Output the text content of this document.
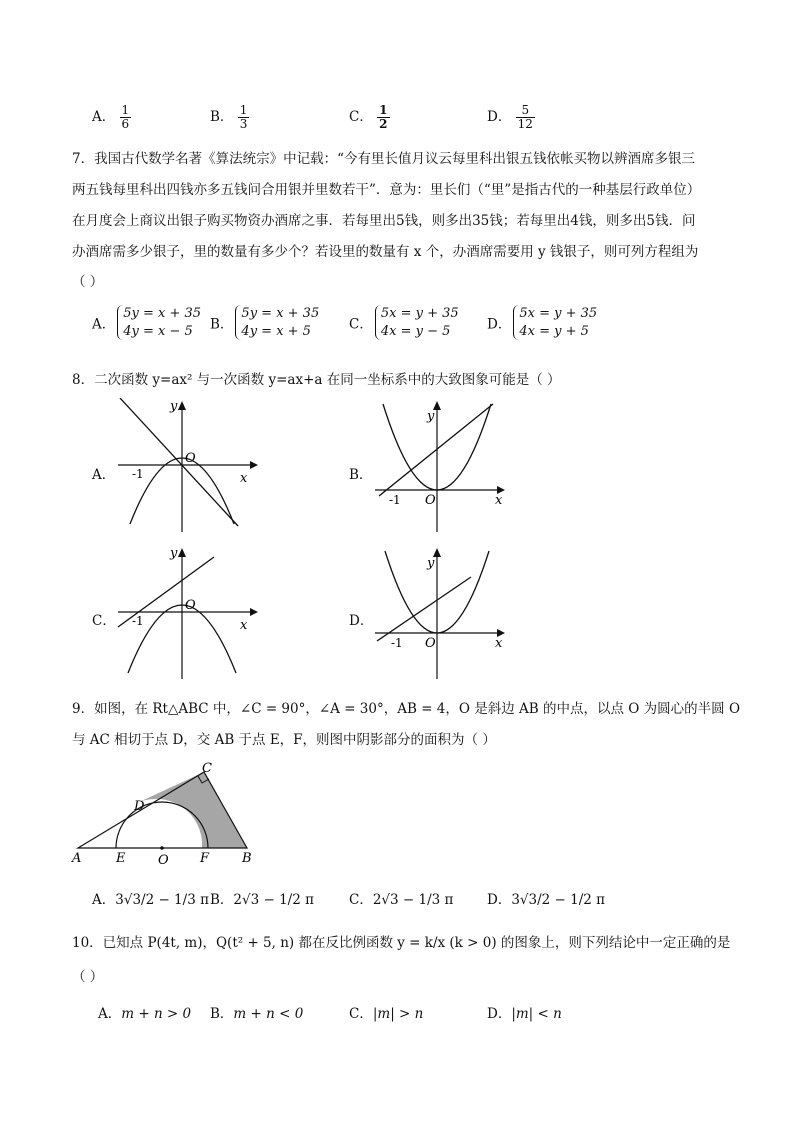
A． $\frac{1}{6}$	B． $\frac{1}{3}$	C． $\frac{1}{2}$	D． $\frac{5}{12}$
7．我国古代数学名著《算法统宗》中记载：“今有里长值月议云每里科出银五钱依帐买物以辨酒席多银三
两五钱每里科出四钱亦多五钱问合用银并里数若干”．意为：里长们（“里”是指古代的一种基层行政单位）
在月度会上商议出银子购买物资办酒席之事．若每里出5钱，则多出35钱；若每里出4钱，则多出5钱．问
办酒席需多少银子，里的数量有多少个？若设里的数量有 x 个，办酒席需要用 y 钱银子，则可列方程组为
（ ）
A．5y = x + 35
4y = x − 5	B．5y = x + 35
4y = x + 5	C．5x = y + 35
4x = y − 5	D．5x = y + 35
4x = y + 5
8．二次函数 y=ax² 与一次函数 y=ax+a 在同一坐标系中的大致图象可能是（ ）
A．	B．
C．	D．
y
x
O
-1
y
x
O
-1
y
x
O
-1
y
x
O
-1
9．如图，在 Rt△ABC 中，∠C = 90°，∠A = 30°，AB = 4，O 是斜边 AB 的中点，以点 O 为圆心的半圆 O
与 AC 相切于点 D，交 AB 于点 E，F，则图中阴影部分的面积为（ ）
A	B
C
D
E	O F
A．3√3/2 − 1/3 π B．2√3 − 1/2 π	C．2√3 − 1/3 π D．3√3/2 − 1/2 π
10．已知点 P(4t, m)，Q(t² + 5, n) 都在反比例函数 y = k/x (k > 0) 的图象上，则下列结论中一定正确的是
（ ）
A．m + n > 0 B．m + n < 0	C．|m| > n	D．|m| < n
